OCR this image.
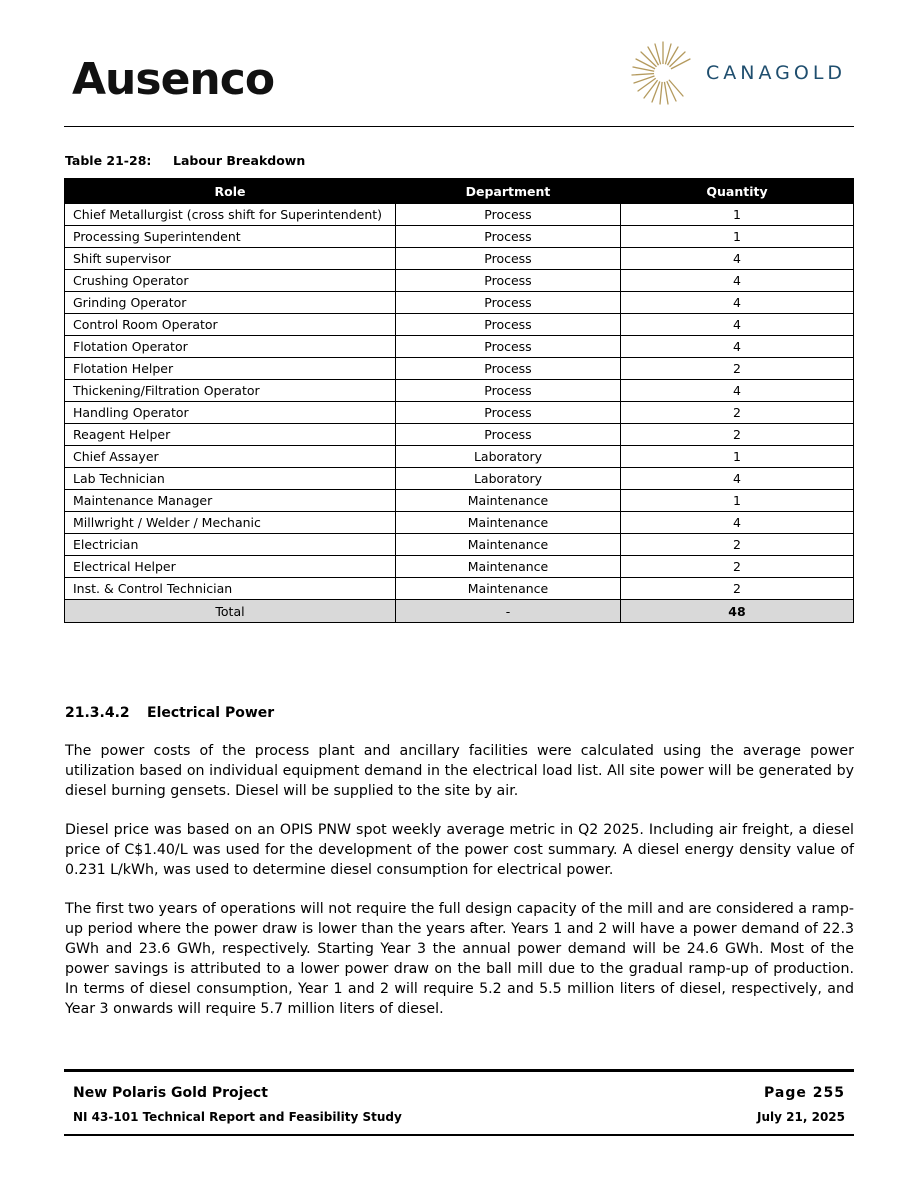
Ausenco	CANAGOLD
Table 21-28: Labour Breakdown
Role	Department	Quantity
Chief Metallurgist (cross shift for Superintendent)	Process	1
Processing Superintendent	Process	1
Shift supervisor	Process	4
Crushing Operator	Process	4
Grinding Operator	Process	4
Control Room Operator	Process	4
Flotation Operator	Process	4
Flotation Helper	Process	2
Thickening/Filtration Operator	Process	4
Handling Operator	Process	2
Reagent Helper	Process	2
Chief Assayer	Laboratory	1
Lab Technician	Laboratory	4
Maintenance Manager	Maintenance	1
Millwright / Welder / Mechanic	Maintenance	4
Electrician	Maintenance	2
Electrical Helper	Maintenance	2
Inst. & Control Technician	Maintenance	2
Total	-	48
21.3.4.2 Electrical Power

The power costs of the process plant and ancillary facilities were calculated using the average power utilization based on individual equipment demand in the electrical load list. All site power will be generated by diesel burning gensets. Diesel will be supplied to the site by air.

Diesel price was based on an OPIS PNW spot weekly average metric in Q2 2025. Including air freight, a diesel price of C$1.40/L was used for the development of the power cost summary. A diesel energy density value of 0.231 L/kWh, was used to determine diesel consumption for electrical power.

The first two years of operations will not require the full design capacity of the mill and are considered a ramp-up period where the power draw is lower than the years after. Years 1 and 2 will have a power demand of 22.3 GWh and 23.6 GWh, respectively. Starting Year 3 the annual power demand will be 24.6 GWh. Most of the power savings is attributed to a lower power draw on the ball mill due to the gradual ramp-up of production. In terms of diesel consumption, Year 1 and 2 will require 5.2 and 5.5 million liters of diesel, respectively, and Year 3 onwards will require 5.7 million liters of diesel.

New Polaris Gold Project
NI 43-101 Technical Report and Feasibility Study
Page 255
July 21, 2025
